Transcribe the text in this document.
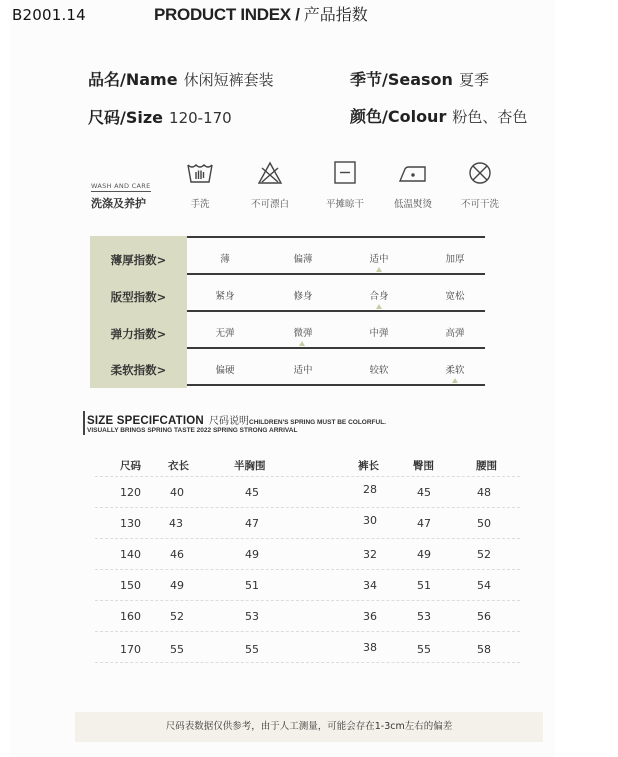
B2001.14	PRODUCT INDEX / 产品指数
品名/Name 休闲短裤套装	季节/Season 夏季
尺码/Size 120-170	颜色/Colour 粉色、杏色
WASH AND CARE
洗涤及养护	手洗	不可漂白	平摊晾干	低温熨烫	不可干洗
薄厚指数>	薄	偏薄	适中	加厚
版型指数>	紧身	修身	合身	宽松
弹力指数>	无弹	微弹	中弹	高弹
柔软指数>	偏硬	适中	较软	柔软
SIZE SPECIFCATION 尺码说明CHILDREN'S SPRING MUST BE COLORFUL.
VISUALLY BRINGS SPRING TASTE 2022 SPRING STRONG ARRIVAL
尺码	衣长	半胸围	裤长	臀围	腰围
120	40	45	28	45	48
130	43	47	30	47	50
140	46	49	32	49	52
150	49	51	34	51	54
160	52	53	36	53	56
170	55	55	38	55	58
尺码表数据仅供参考，由于人工测量，可能会存在1-3cm左右的偏差
